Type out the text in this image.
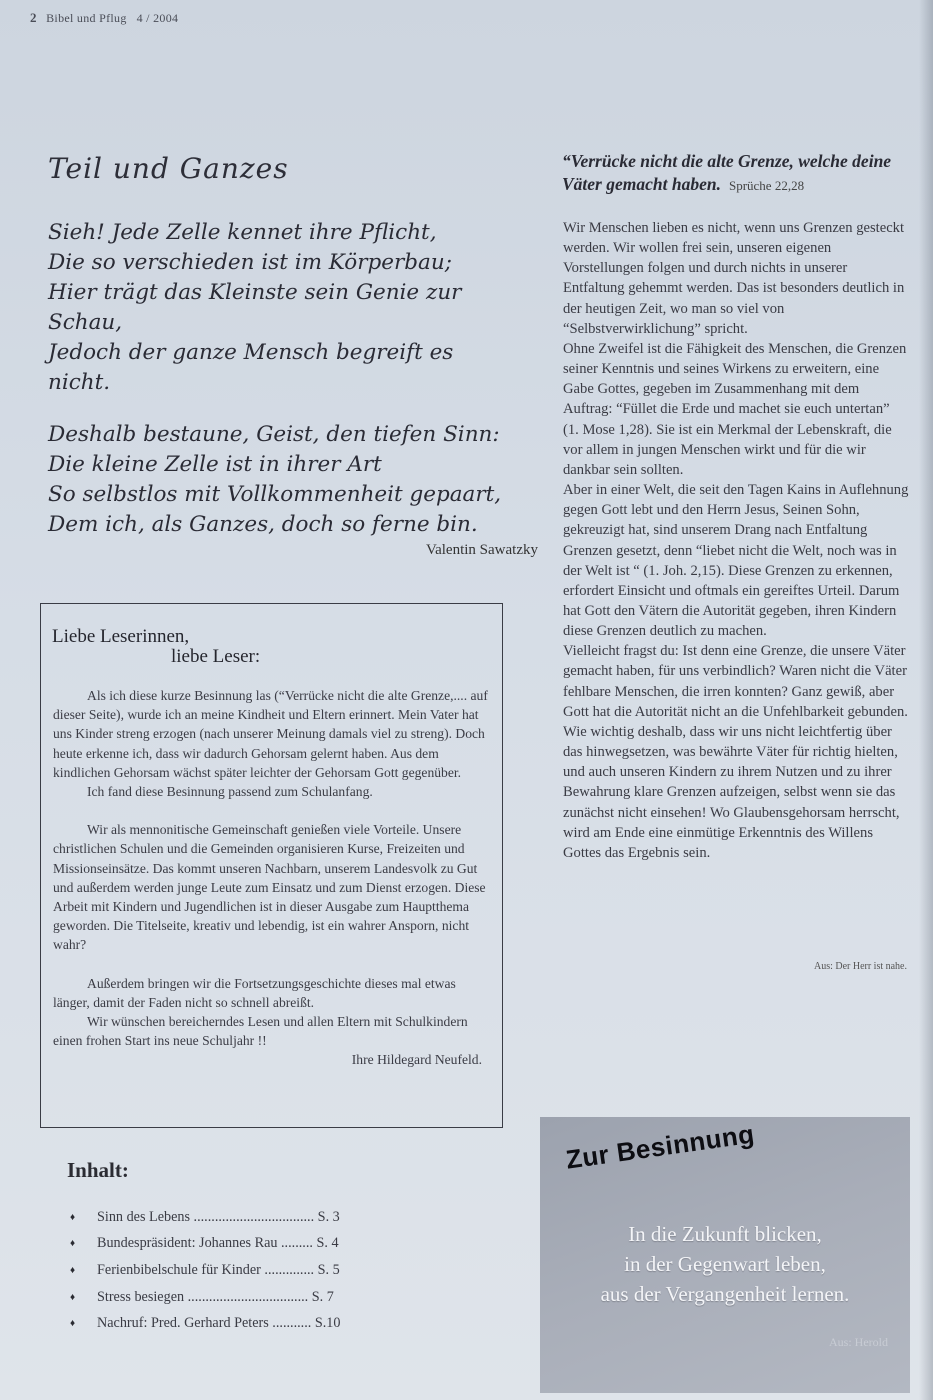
2 Bibel und Pflug 4 / 2004
Teil und Ganzes
Sieh! Jede Zelle kennet ihre Pflicht,
Die so verschieden ist im Körperbau;
Hier trägt das Kleinste sein Genie zur
Schau,
Jedoch der ganze Mensch begreift es
nicht.
Deshalb bestaune, Geist, den tiefen Sinn:
Die kleine Zelle ist in ihrer Art
So selbstlos mit Vollkommenheit gepaart,
Dem ich, als Ganzes, doch so ferne bin.
Valentin Sawatzky
Liebe Leserinnen,
liebe Leser:

Als ich diese kurze Besinnung las (“Verrücke nicht die alte Grenze,.... auf dieser Seite), wurde ich an meine Kindheit und Eltern erinnert. Mein Vater hat uns Kinder streng erzogen (nach unserer Meinung damals viel zu streng). Doch heute erkenne ich, dass wir dadurch Gehorsam gelernt haben. Aus dem kindlichen Gehorsam wächst später leichter der Gehorsam Gott gegenüber.

Ich fand diese Besinnung passend zum Schulanfang.

Wir als mennonitische Gemeinschaft genießen viele Vorteile. Unsere christlichen Schulen und die Gemeinden organisieren Kurse, Freizeiten und Missionseinsätze. Das kommt unseren Nachbarn, unserem Landesvolk zu Gut und außerdem werden junge Leute zum Einsatz und zum Dienst erzogen. Diese Arbeit mit Kindern und Jugendlichen ist in dieser Ausgabe zum Hauptthema geworden. Die Titelseite, kreativ und lebendig, ist ein wahrer Ansporn, nicht wahr?

Außerdem bringen wir die Fortsetzungsgeschichte dieses mal etwas länger, damit der Faden nicht so schnell abreißt.

Wir wünschen bereicherndes Lesen und allen Eltern mit Schulkindern einen frohen Start ins neue Schuljahr !!

Ihre Hildegard Neufeld.
Inhalt:
♦	Sinn des Lebens .................................. S. 3
♦	Bundespräsident: Johannes Rau ......... S. 4
♦	Ferienbibelschule für Kinder .............. S. 5
♦	Stress besiegen .................................. S. 7
♦	Nachruf: Pred. Gerhard Peters ........... S.10
“Verrücke nicht die alte Grenze, welche deine Väter gemacht haben. Sprüche 22,28

Wir Menschen lieben es nicht, wenn uns Grenzen gesteckt werden. Wir wollen frei sein, unseren eigenen Vorstellungen folgen und durch nichts in unserer Entfaltung gehemmt werden. Das ist besonders deutlich in der heutigen Zeit, wo man so viel von “Selbstverwirklichung” spricht.

Ohne Zweifel ist die Fähigkeit des Menschen, die Grenzen seiner Kenntnis und seines Wirkens zu erweitern, eine Gabe Gottes, gegeben im Zusammenhang mit dem Auftrag: “Füllet die Erde und machet sie euch untertan” (1. Mose 1,28). Sie ist ein Merkmal der Lebenskraft, die vor allem in jungen Menschen wirkt und für die wir dankbar sein sollten.

Aber in einer Welt, die seit den Tagen Kains in Auflehnung gegen Gott lebt und den Herrn Jesus, Seinen Sohn, gekreuzigt hat, sind unserem Drang nach Entfaltung Grenzen gesetzt, denn “liebet nicht die Welt, noch was in der Welt ist “ (1. Joh. 2,15). Diese Grenzen zu erkennen, erfordert Einsicht und oftmals ein gereiftes Urteil. Darum hat Gott den Vätern die Autorität gegeben, ihren Kindern diese Grenzen deutlich zu machen.

Vielleicht fragst du: Ist denn eine Grenze, die unsere Väter gemacht haben, für uns verbindlich? Waren nicht die Väter fehlbare Menschen, die irren konnten? Ganz gewiß, aber Gott hat die Autorität nicht an die Unfehlbarkeit gebunden. Wie wichtig deshalb, dass wir uns nicht leichtfertig über das hinwegsetzen, was bewährte Väter für richtig hielten, und auch unseren Kindern zu ihrem Nutzen und zu ihrer Bewahrung klare Grenzen aufzeigen, selbst wenn sie das zunächst nicht einsehen! Wo Glaubensgehorsam herrscht, wird am Ende eine einmütige Erkenntnis des Willens Gottes das Ergebnis sein.

Aus: Der Herr ist nahe.
Zur Besinnung
In die Zukunft blicken,
in der Gegenwart leben,
aus der Vergangenheit lernen.
Aus: Herold
